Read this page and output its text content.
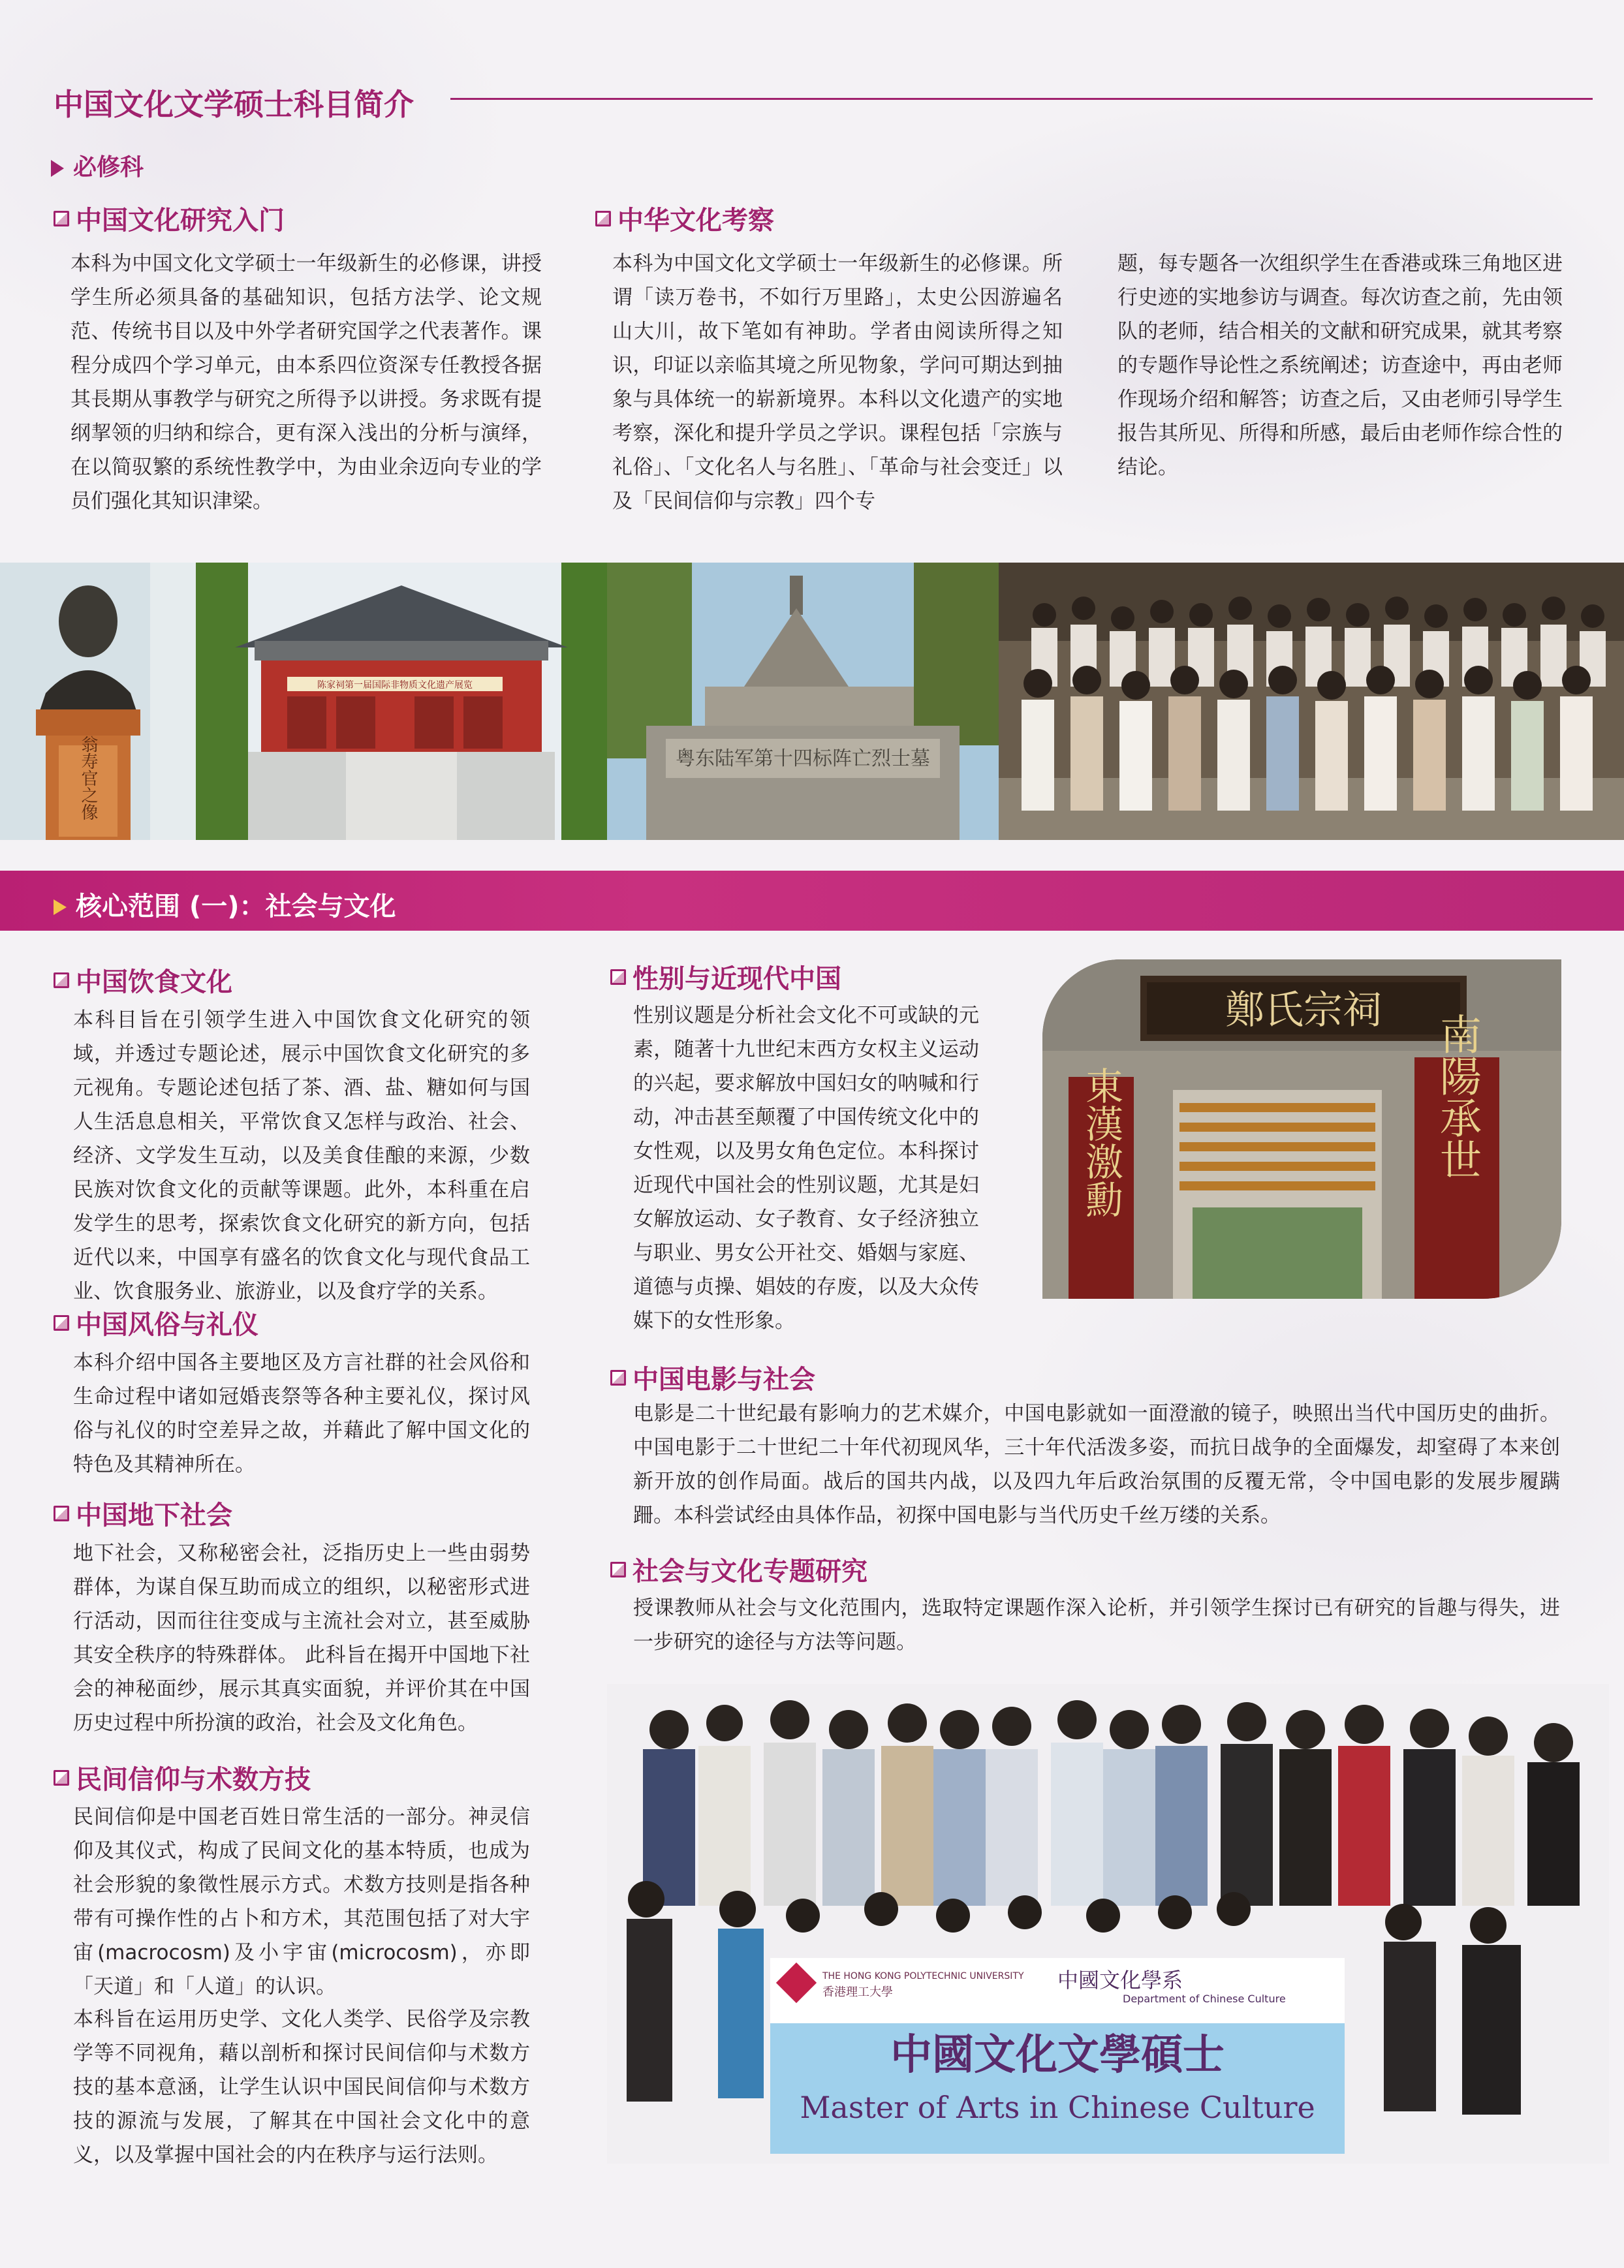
中国文化文学硕士科目简介
必修科
中国文化研究入门
本科为中国文化文学硕士一年级新生的必修课，讲授学生所必须具备的基础知识，包括方法学、论文规范、传统书目以及中外学者研究国学之代表著作。课程分成四个学习单元，由本系四位资深专任教授各据其長期从事教学与研究之所得予以讲授。务求既有提纲挈领的归纳和综合，更有深入浅出的分析与演绎，在以简驭繁的系统性教学中，为由业余迈向专业的学员们强化其知识津梁。
中华文化考察
本科为中国文化文学硕士一年级新生的必修课。所谓「读万卷书，不如行万里路」，太史公因游遍名山大川，故下笔如有神助。学者由阅读所得之知识，印证以亲临其境之所见物象，学问可期达到抽象与具体统一的崭新境界。本科以文化遗产的实地考察，深化和提升学员之学识。课程包括「宗族与礼俗」、「文化名人与名胜」、「革命与社会变迁」以及「民间信仰与宗教」四个专
题，每专题各一次组织学生在香港或珠三角地区进行史迹的实地参访与调查。每次访查之前，先由领队的老师，结合相关的文献和研究成果，就其考察的专题作导论性之系统阐述；访查途中，再由老师作现场介绍和解答；访查之后，又由老师引导学生报告其所见、所得和所感，最后由老师作综合性的结论。
翁寿官之像
陈家祠第一届国际非物质文化遗产展览
粤东陆军第十四标阵亡烈士墓
核心范围 (一)：社会与文化
中国饮食文化
本科目旨在引领学生进入中国饮食文化研究的领域，并透过专题论述，展示中国饮食文化研究的多元视角。专题论述包括了茶、酒、盐、糖如何与国人生活息息相关，平常饮食又怎样与政治、社会、经济、文学发生互动，以及美食佳酿的来源，少数民族对饮食文化的贡献等课题。此外，本科重在启发学生的思考，探索饮食文化研究的新方向，包括近代以来，中国享有盛名的饮食文化与现代食品工业、饮食服务业、旅游业，以及食疗学的关系。
中国风俗与礼仪
本科介绍中国各主要地区及方言社群的社会风俗和生命过程中诸如冠婚丧祭等各种主要礼仪，探讨风俗与礼仪的时空差异之故，并藉此了解中国文化的特色及其精神所在。
中国地下社会
地下社会，又称秘密会社，泛指历史上一些由弱势群体，为谋自保互助而成立的组织，以秘密形式进行活动，因而往往变成与主流社会对立，甚至威胁其安全秩序的特殊群体。 此科旨在揭开中国地下社会的神秘面纱，展示其真实面貌，并评价其在中国历史过程中所扮演的政治，社会及文化角色。
民间信仰与术数方技
民间信仰是中国老百姓日常生活的一部分。神灵信仰及其仪式，构成了民间文化的基本特质，也成为社会形貌的象徵性展示方式。术数方技则是指各种带有可操作性的占卜和方术，其范围包括了对大宇宙(macrocosm)及小宇宙(microcosm)，亦即「天道」和「人道」的认识。
本科旨在运用历史学、文化人类学、民俗学及宗教学等不同视角，藉以剖析和探讨民间信仰与术数方技的基本意涵，让学生认识中国民间信仰与术数方技的源流与发展，了解其在中国社会文化中的意义，以及掌握中国社会的内在秩序与运行法则。
性别与近现代中国
性别议题是分析社会文化不可或缺的元素，随著十九世纪末西方女权主义运动的兴起，要求解放中国妇女的呐喊和行动，冲击甚至颠覆了中国传统文化中的女性观，以及男女角色定位。本科探讨近现代中国社会的性别议题，尤其是妇女解放运动、女子教育、女子经济独立与职业、男女公开社交、婚姻与家庭、道德与贞操、娼妓的存废，以及大众传媒下的女性形象。
鄭氏宗祠
東漢激勳	南陽承世
中国电影与社会
电影是二十世纪最有影响力的艺术媒介，中国电影就如一面澄澈的镜子，映照出当代中国历史的曲折。中国电影于二十世纪二十年代初现风华，三十年代活泼多姿，而抗日战争的全面爆发，却窒碍了本来创新开放的创作局面。战后的国共内战，以及四九年后政治氛围的反覆无常，令中国电影的发展步履蹒跚。本科尝试经由具体作品，初探中国电影与当代历史千丝万缕的关系。
社会与文化专题研究
授课教师从社会与文化范围内，选取特定课题作深入论析，并引领学生探讨已有研究的旨趣与得失，进一步研究的途径与方法等问题。
THE HONG KONG POLYTECHNIC UNIVERSITY
香港理工大學	中國文化學系
Department of Chinese Culture
中國文化文學碩士
Master of Arts in Chinese Culture
